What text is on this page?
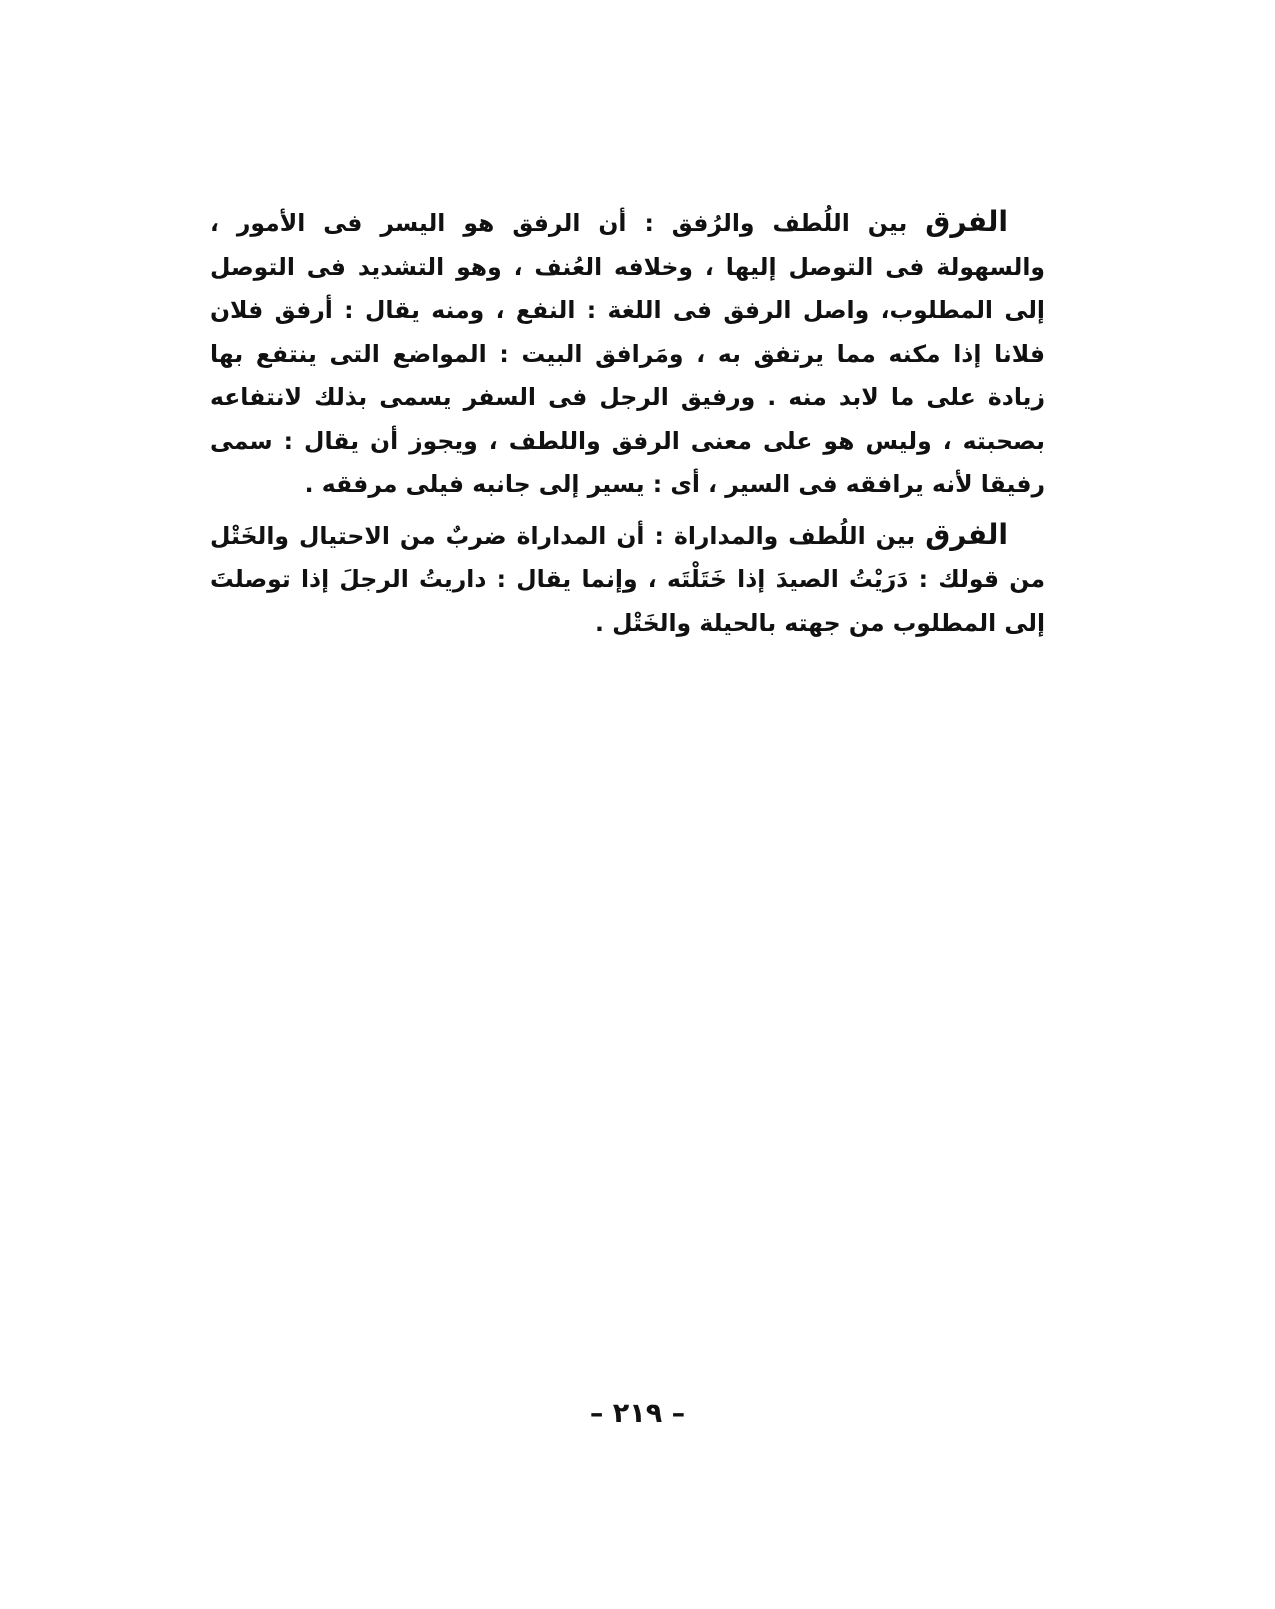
الفرق بين اللُطف والرُفق : أن الرفق هو اليسر فى الأمور ، والسهولة فى التوصل إليها ، وخلافه العُنف ، وهو التشديد فى التوصل إلى المطلوب، واصل الرفق فى اللغة : النفع ، ومنه يقال : أرفق فلان فلانا إذا مكنه مما يرتفق به ، ومَرافق البيت : المواضع التى ينتفع بها زيادة على ما لابد منه . ورفيق الرجل فى السفر يسمى بذلك لانتفاعه بصحبته ، وليس هو على معنى الرفق واللطف ، ويجوز أن يقال : سمى رفيقا لأنه يرافقه فى السير ، أى : يسير إلى جانبه فيلى مرفقه .

الفرق بين اللُطف والمداراة : أن المداراة ضربٌ من الاحتيال والخَتْل من قولك : دَرَيْتُ الصيدَ إذا خَتَلْتَه ، وإنما يقال : داريتُ الرجلَ إذا توصلتَ إلى المطلوب من جهته بالحيلة والخَتْل .

– ٢١٩ –
